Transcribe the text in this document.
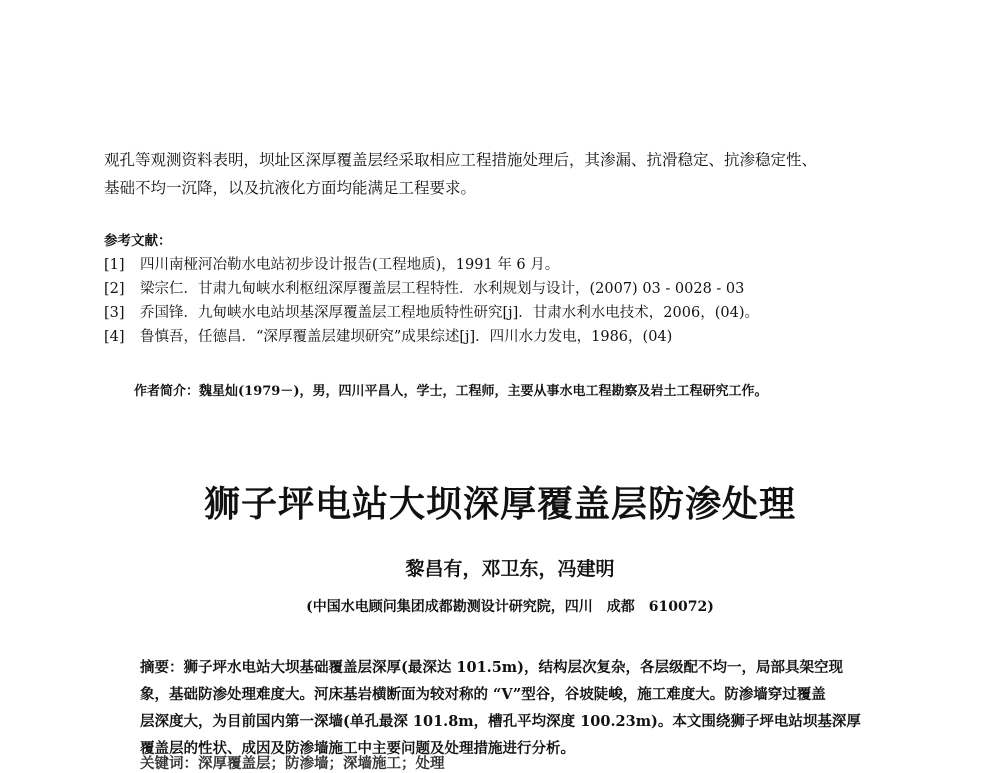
观孔等观测资料表明，坝址区深厚覆盖层经采取相应工程措施处理后，其渗漏、抗滑稳定、抗渗稳定性、

基础不均一沉降，以及抗液化方面均能满足工程要求。

参考文献：

[1] 四川南桠河冶勒水电站初步设计报告(工程地质)，1991 年 6 月。
[2] 梁宗仁．甘肃九甸峡水利枢纽深厚覆盖层工程特性．水利规划与设计，(2007) 03 - 0028 - 03
[3] 乔国锋．九甸峡水电站坝基深厚覆盖层工程地质特性研究[j]．甘肃水利水电技术，2006，(04)。
[4] 鲁慎吾，任德昌．“深厚覆盖层建坝研究”成果综述[j]．四川水力发电，1986，(04)

作者简介：魏星灿(1979－)，男，四川平昌人，学士，工程师，主要从事水电工程勘察及岩土工程研究工作。

狮子坪电站大坝深厚覆盖层防渗处理

黎昌有，邓卫东，冯建明

(中国水电顾问集团成都勘测设计研究院，四川　成都　610072)

摘要：狮子坪水电站大坝基础覆盖层深厚(最深达 101.5m)，结构层次复杂，各层级配不均一，局部具架空现
象，基础防渗处理难度大。河床基岩横断面为较对称的 “V”型谷，谷坡陡峻，施工难度大。防渗墙穿过覆盖
层深度大，为目前国内第一深墙(单孔最深 101.8m，槽孔平均深度 100.23m)。本文围绕狮子坪电站坝基深厚
覆盖层的性状、成因及防渗墙施工中主要问题及处理措施进行分析。

关键词：深厚覆盖层；防渗墙；深墙施工；处理
